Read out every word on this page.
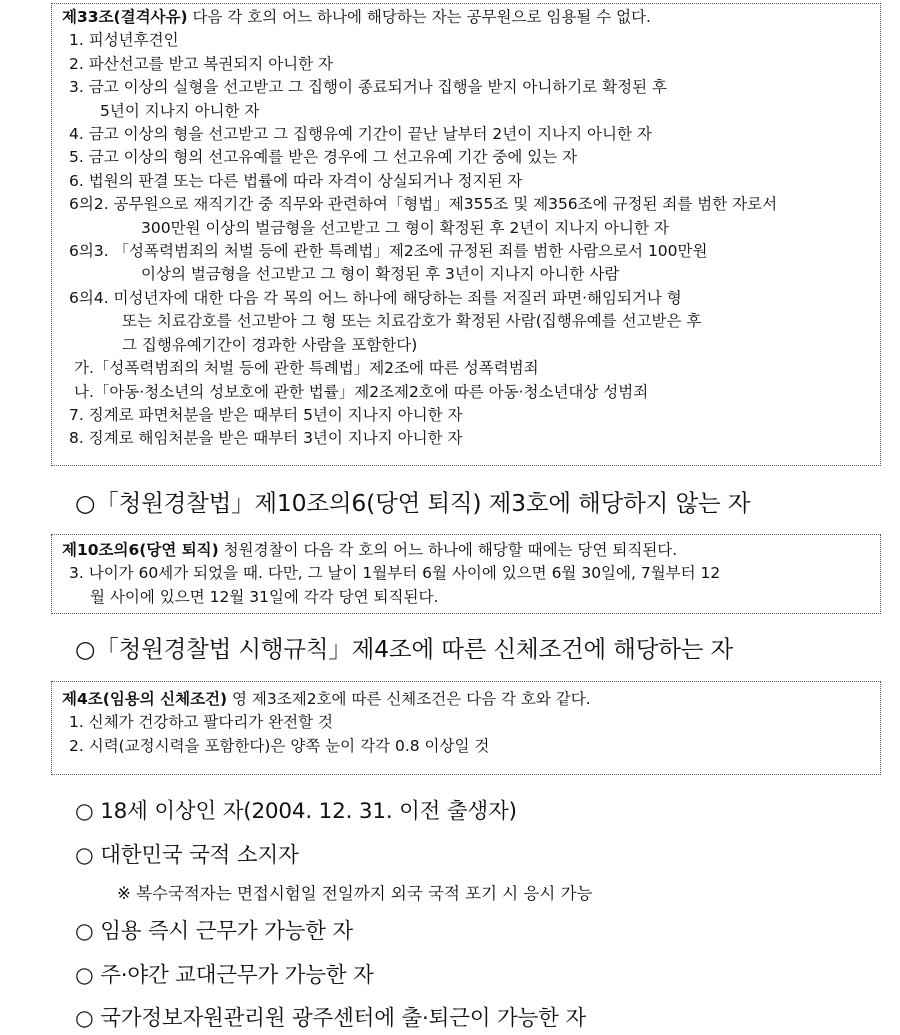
제33조(결격사유) 다음 각 호의 어느 하나에 해당하는 자는 공무원으로 임용될 수 없다.

1. 피성년후견인

2. 파산선고를 받고 복권되지 아니한 자

3. 금고 이상의 실형을 선고받고 그 집행이 종료되거나 집행을 받지 아니하기로 확정된 후

5년이 지나지 아니한 자

4. 금고 이상의 형을 선고받고 그 집행유예 기간이 끝난 날부터 2년이 지나지 아니한 자

5. 금고 이상의 형의 선고유예를 받은 경우에 그 선고유예 기간 중에 있는 자

6. 법원의 판결 또는 다른 법률에 따라 자격이 상실되거나 정지된 자

6의2. 공무원으로 재직기간 중 직무와 관련하여「형법」제355조 및 제356조에 규정된 죄를 범한 자로서

300만원 이상의 벌금형을 선고받고 그 형이 확정된 후 2년이 지나지 아니한 자

6의3. 「성폭력범죄의 처벌 등에 관한 특례법」제2조에 규정된 죄를 범한 사람으로서 100만원

이상의 벌금형을 선고받고 그 형이 확정된 후 3년이 지나지 아니한 사람

6의4. 미성년자에 대한 다음 각 목의 어느 하나에 해당하는 죄를 저질러 파면·해임되거나 형

또는 치료감호를 선고받아 그 형 또는 치료감호가 확정된 사람(집행유예를 선고받은 후

그 집행유예기간이 경과한 사람을 포함한다)

가.「성폭력범죄의 처벌 등에 관한 특례법」제2조에 따른 성폭력범죄

나.「아동·청소년의 성보호에 관한 법률」제2조제2호에 따른 아동·청소년대상 성범죄

7. 징계로 파면처분을 받은 때부터 5년이 지나지 아니한 자

8. 징계로 해임처분을 받은 때부터 3년이 지나지 아니한 자

○「청원경찰법」제10조의6(당연 퇴직) 제3호에 해당하지 않는 자

제10조의6(당연 퇴직) 청원경찰이 다음 각 호의 어느 하나에 해당할 때에는 당연 퇴직된다.

3. 나이가 60세가 되었을 때. 다만, 그 날이 1월부터 6월 사이에 있으면 6월 30일에, 7월부터 12

월 사이에 있으면 12월 31일에 각각 당연 퇴직된다.

○「청원경찰법 시행규칙」제4조에 따른 신체조건에 해당하는 자

제4조(임용의 신체조건) 영 제3조제2호에 따른 신체조건은 다음 각 호와 같다.

1. 신체가 건강하고 팔다리가 완전할 것

2. 시력(교정시력을 포함한다)은 양쪽 눈이 각각 0.8 이상일 것

○ 18세 이상인 자(2004. 12. 31. 이전 출생자)

○ 대한민국 국적 소지자

※ 복수국적자는 면접시험일 전일까지 외국 국적 포기 시 응시 가능

○ 임용 즉시 근무가 가능한 자

○ 주·야간 교대근무가 가능한 자

○ 국가정보자원관리원 광주센터에 출·퇴근이 가능한 자
